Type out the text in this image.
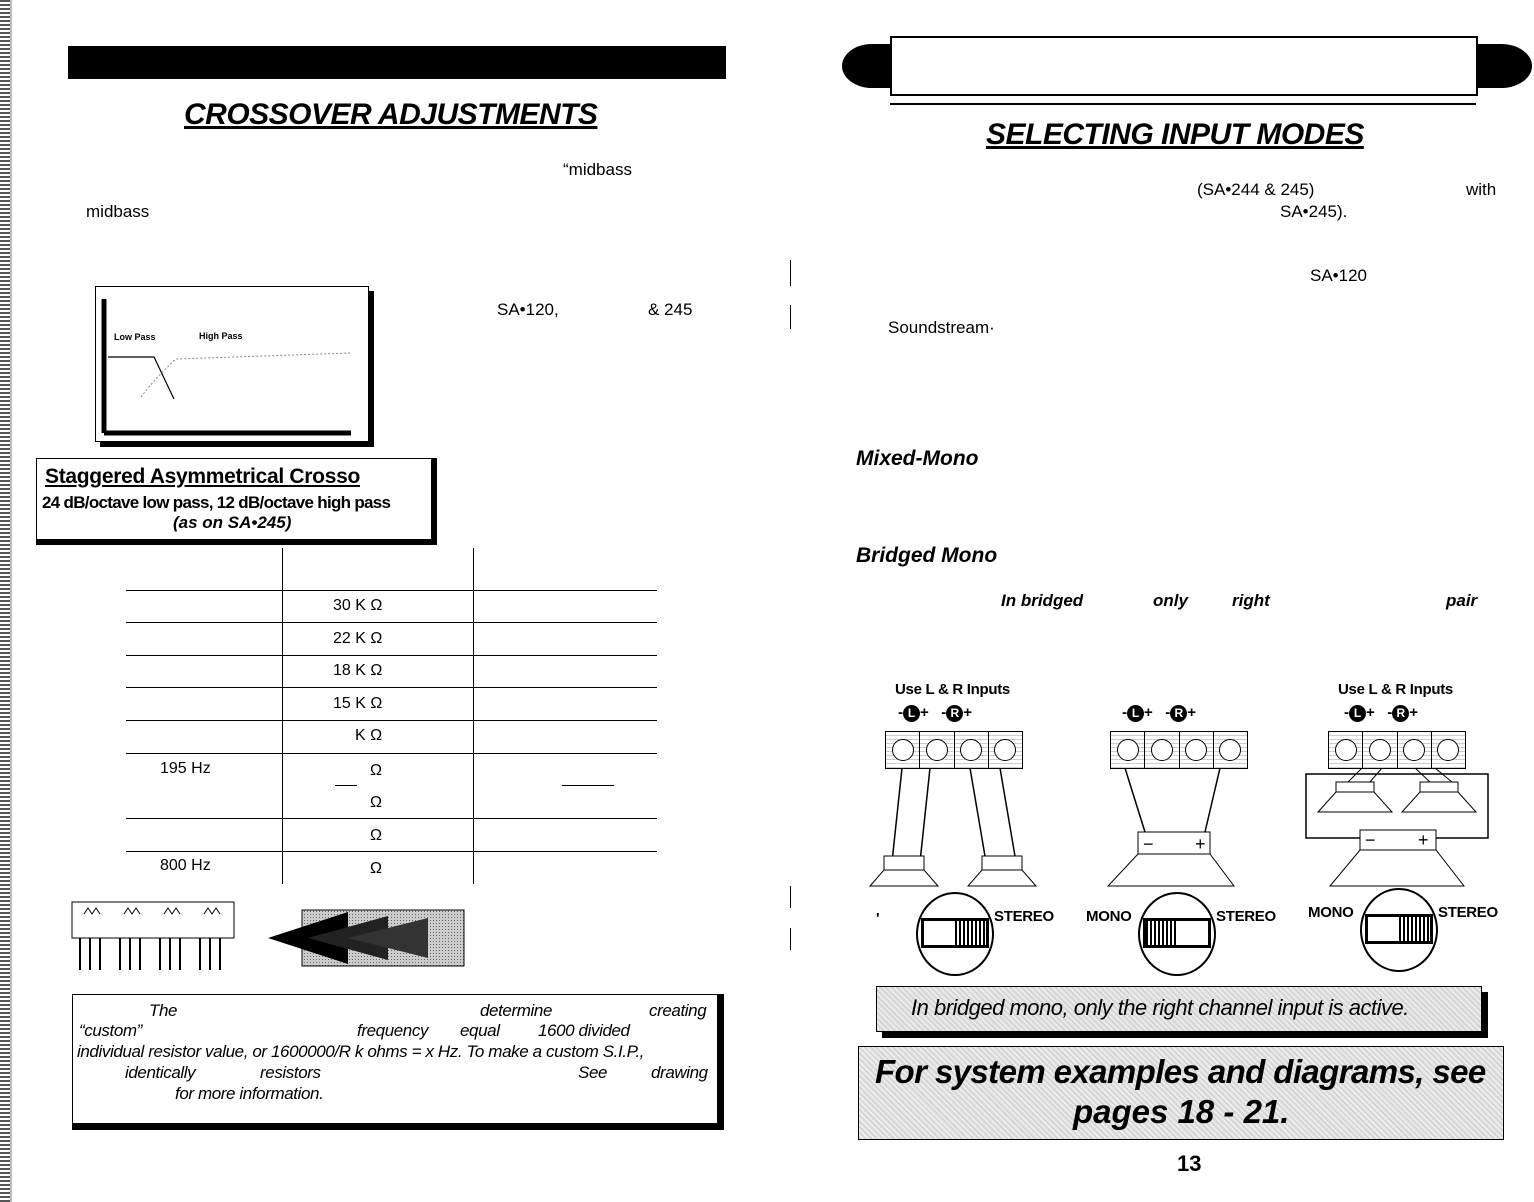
CROSSOVER ADJUSTMENTS
“midbass
midbass
SA•120,	& 245
Low Pass	High Pass
Staggered Asymmetrical Crosso
24 dB/octave low pass, 12 dB/octave high pass
(as on SA•245)
30 K Ω
22 K Ω
18 K Ω
15 K Ω
K Ω
195 Hz	Ω
Ω
Ω
800 Hz	Ω
The	determine	creating
“custom”	frequency equal 1600 divided
individual resistor value, or 1600000/R k ohms = x Hz. To make a custom S.I.P.,
identically	resistors	See	drawing
for more information.
SELECTING INPUT MODES
(SA•244 & 245)	with
SA•245).
SA•120
Soundstream·
Mixed-Mono
Bridged Mono
In bridged	only	right	pair
Use L & R Inputs	Use L & R Inputs
- L + - R +	- L + - R +	- L + - R +
− +	− +
'	STEREO MONO	STEREO MONO	STEREO
In bridged mono, only the right channel input is active.
For system examples and diagrams, see
pages 18 - 21.
13
